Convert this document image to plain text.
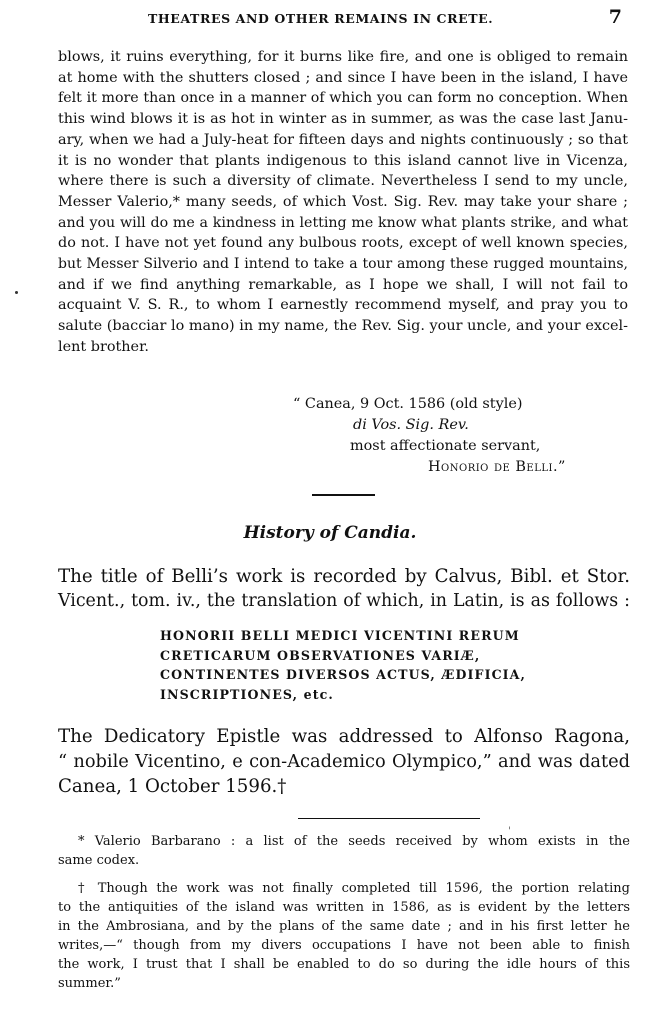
THEATRES AND OTHER REMAINS IN CRETE.	7
blows, it ruins everything, for it burns like fire, and one is obliged to remain
at home with the shutters closed ; and since I have been in the island, I have
felt it more than once in a manner of which you can form no conception. When
this wind blows it is as hot in winter as in summer, as was the case last Janu-
ary, when we had a July-heat for fifteen days and nights continuously ; so that
it is no wonder that plants indigenous to this island cannot live in Vicenza,
where there is such a diversity of climate. Nevertheless I send to my uncle,
Messer Valerio,* many seeds, of which Vost. Sig. Rev. may take your share ;
and you will do me a kindness in letting me know what plants strike, and what
do not. I have not yet found any bulbous roots, except of well known species,
but Messer Silverio and I intend to take a tour among these rugged mountains,
and if we find anything remarkable, as I hope we shall, I will not fail to
acquaint V. S. R., to whom I earnestly recommend myself, and pray you to
salute (bacciar lo mano) in my name, the Rev. Sig. your uncle, and your excel-
lent brother.
“ Canea, 9 Oct. 1586 (old style)
di Vos. Sig. Rev.
most affectionate servant,
Honorio de Belli.”
History of Candia.
The title of Belli’s work is recorded by Calvus, Bibl. et Stor.
Vicent., tom. iv., the translation of which, in Latin, is as follows :
HONORII BELLI MEDICI VICENTINI RERUM
CRETICARUM OBSERVATIONES VARIÆ,
CONTINENTES DIVERSOS ACTUS, ÆDIFICIA,
INSCRIPTIONES, etc.
The Dedicatory Epistle was addressed to Alfonso Ragona,
“ nobile Vicentino, e con-Academico Olympico,” and was dated
Canea, 1 October 1596.†
'
* Valerio Barbarano : a list of the seeds received by whom exists in the
same codex.
† Though the work was not finally completed till 1596, the portion relating
to the antiquities of the island was written in 1586, as is evident by the letters
in the Ambrosiana, and by the plans of the same date ; and in his first letter he
writes,—“ though from my divers occupations I have not been able to finish
the work, I trust that I shall be enabled to do so during the idle hours of this
summer.”
